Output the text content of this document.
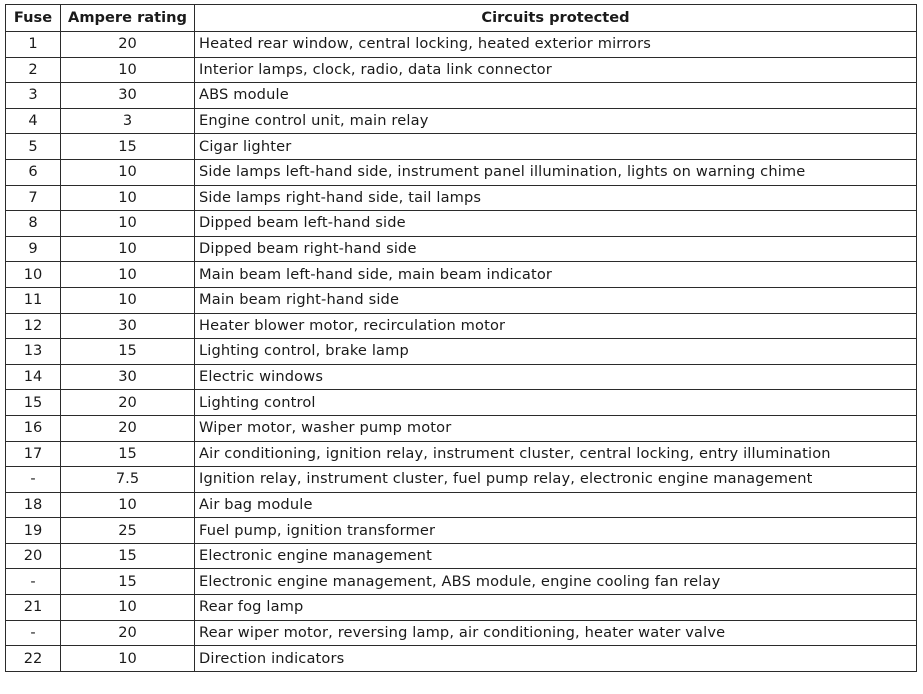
Fuse	Ampere rating	Circuits protected
1	20	Heated rear window, central locking, heated exterior mirrors
2	10	Interior lamps, clock, radio, data link connector
3	30	ABS module
4	3	Engine control unit, main relay
5	15	Cigar lighter
6	10	Side lamps left-hand side, instrument panel illumination, lights on warning chime
7	10	Side lamps right-hand side, tail lamps
8	10	Dipped beam left-hand side
9	10	Dipped beam right-hand side
10	10	Main beam left-hand side, main beam indicator
11	10	Main beam right-hand side
12	30	Heater blower motor, recirculation motor
13	15	Lighting control, brake lamp
14	30	Electric windows
15	20	Lighting control
16	20	Wiper motor, washer pump motor
17	15	Air conditioning, ignition relay, instrument cluster, central locking, entry illumination
-	7.5	Ignition relay, instrument cluster, fuel pump relay, electronic engine management
18	10	Air bag module
19	25	Fuel pump, ignition transformer
20	15	Electronic engine management
-	15	Electronic engine management, ABS module, engine cooling fan relay
21	10	Rear fog lamp
-	20	Rear wiper motor, reversing lamp, air conditioning, heater water valve
22	10	Direction indicators
